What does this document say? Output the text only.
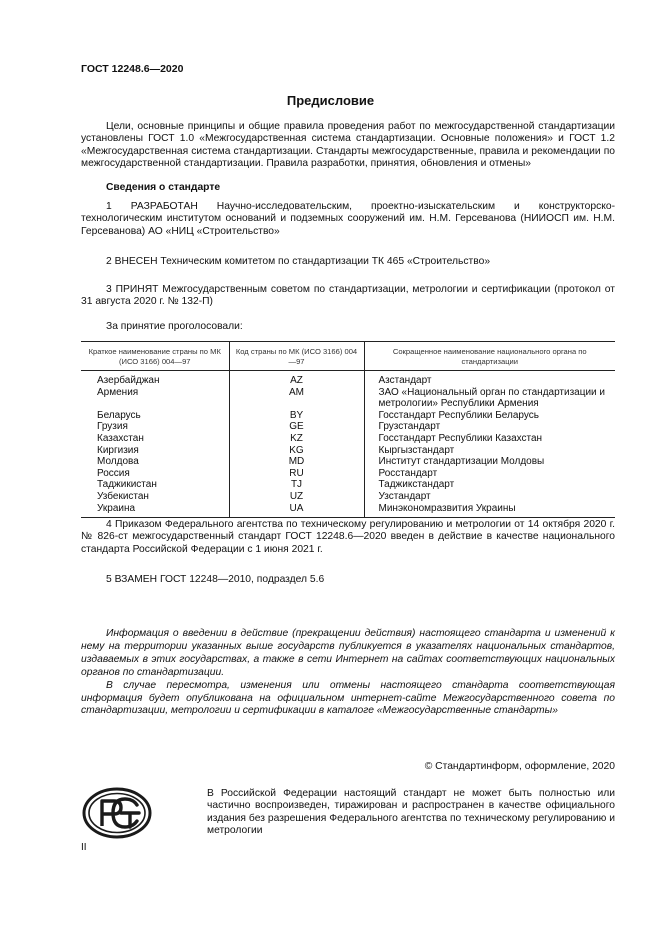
ГОСТ 12248.6—2020
Предисловие
Цели, основные принципы и общие правила проведения работ по межгосударственной стандартизации установлены ГОСТ 1.0 «Межгосударственная система стандартизации. Основные положения» и ГОСТ 1.2 «Межгосударственная система стандартизации. Стандарты межгосударственные, правила и рекомендации по межгосударственной стандартизации. Правила разработки, принятия, обновления и отмены»
Сведения о стандарте
1 РАЗРАБОТАН Научно-исследовательским, проектно-изыскательским и конструкторско-технологическим институтом оснований и подземных сооружений им. Н.М. Герсеванова (НИИОСП им. Н.М. Герсеванова) АО «НИЦ «Строительство»
2 ВНЕСЕН Техническим комитетом по стандартизации ТК 465 «Строительство»
3 ПРИНЯТ Межгосударственным советом по стандартизации, метрологии и сертификации (протокол от 31 августа 2020 г. № 132-П)
За принятие проголосовали:
Краткое наименование страны по МК (ИСО 3166) 004—97	Код страны по МК (ИСО 3166) 004—97	Сокращенное наименование национального органа по стандартизации
Азербайджан	AZ	Азстандарт
Армения	AM	ЗАО «Национальный орган по стандартизации и метрологии» Республики Армения
Беларусь	BY	Госстандарт Республики Беларусь
Грузия	GE	Грузстандарт
Казахстан	KZ	Госстандарт Республики Казахстан
Киргизия	KG	Кыргызстандарт
Молдова	MD	Институт стандартизации Молдовы
Россия	RU	Росстандарт
Таджикистан	TJ	Таджикстандарт
Узбекистан	UZ	Узстандарт
Украина	UA	Минэкономразвития Украины
4 Приказом Федерального агентства по техническому регулированию и метрологии от 14 октября 2020 г. № 826-ст межгосударственный стандарт ГОСТ 12248.6—2020 введен в действие в качестве национального стандарта Российской Федерации с 1 июня 2021 г.
5 ВЗАМЕН ГОСТ 12248—2010, подраздел 5.6

Информация о введении в действие (прекращении действия) настоящего стандарта и изменений к нему на территории указанных выше государств публикуется в указателях национальных стандартов, издаваемых в этих государствах, а также в сети Интернет на сайтах соответствующих национальных органов по стандартизации.

В случае пересмотра, изменения или отмены настоящего стандарта соответствующая информация будет опубликована на официальном интернет-сайте Межгосударственного совета по стандартизации, метрологии и сертификации в каталоге «Межгосударственные стандарты»

© Стандартинформ, оформление, 2020
В Российской Федерации настоящий стандарт не может быть полностью или частично воспроизведен, тиражирован и распространен в качестве официального издания без разрешения Федерального агентства по техническому регулированию и метрологии
II
